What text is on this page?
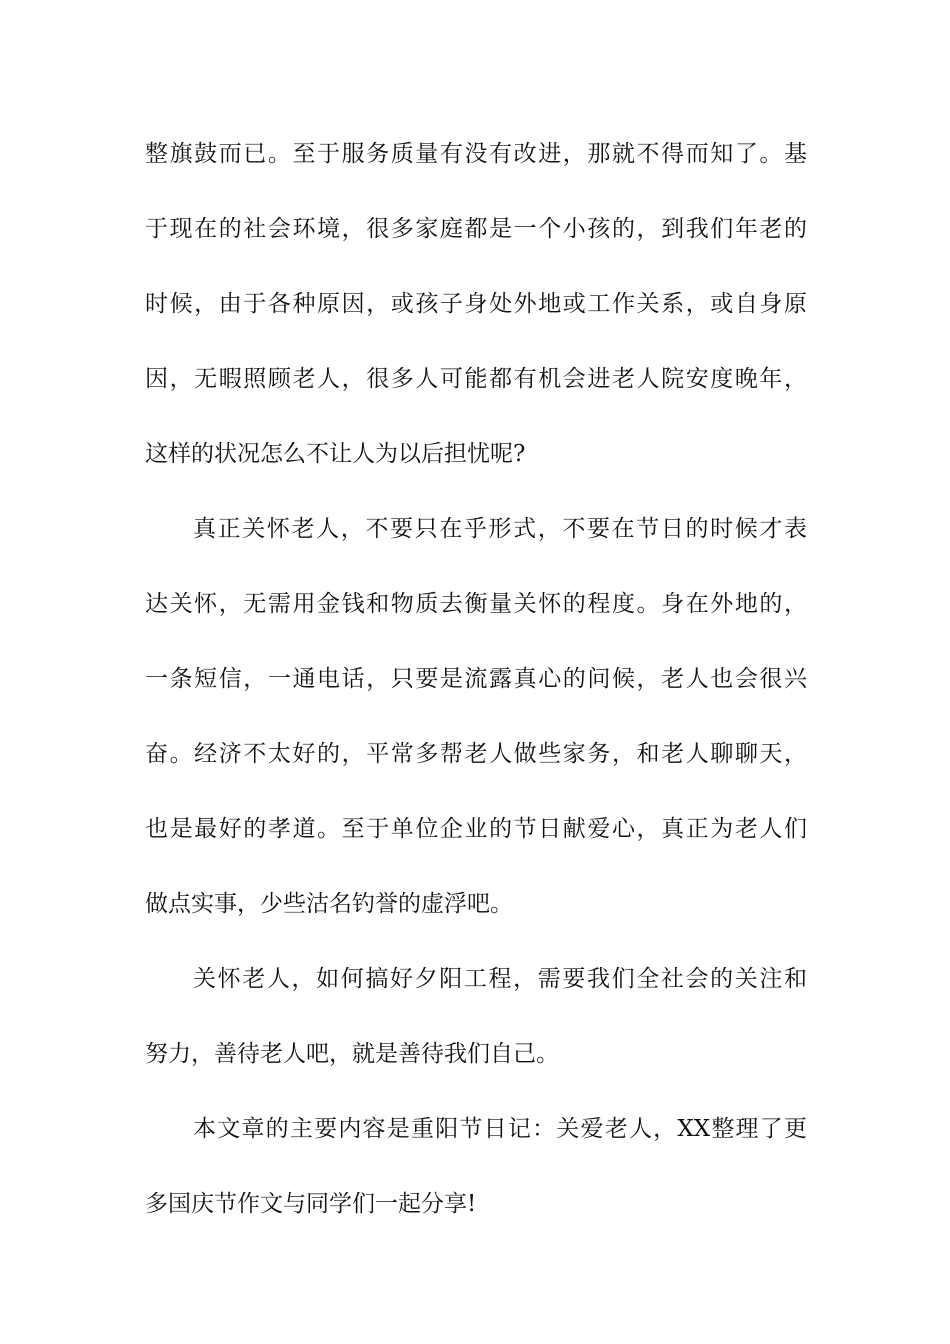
整旗鼓而已。至于服务质量有没有改进，那就不得而知了。基
于现在的社会环境，很多家庭都是一个小孩的，到我们年老的
时候，由于各种原因，或孩子身处外地或工作关系，或自身原
因，无暇照顾老人，很多人可能都有机会进老人院安度晚年，
这样的状况怎么不让人为以后担忧呢?
真正关怀老人，不要只在乎形式，不要在节日的时候才表
达关怀，无需用金钱和物质去衡量关怀的程度。身在外地的，
一条短信，一通电话，只要是流露真心的问候，老人也会很兴
奋。经济不太好的，平常多帮老人做些家务，和老人聊聊天，
也是最好的孝道。至于单位企业的节日献爱心，真正为老人们
做点实事，少些沽名钓誉的虚浮吧。
关怀老人，如何搞好夕阳工程，需要我们全社会的关注和
努力，善待老人吧，就是善待我们自己。
本文章的主要内容是重阳节日记：关爱老人，XX整理了更
多国庆节作文与同学们一起分享!
